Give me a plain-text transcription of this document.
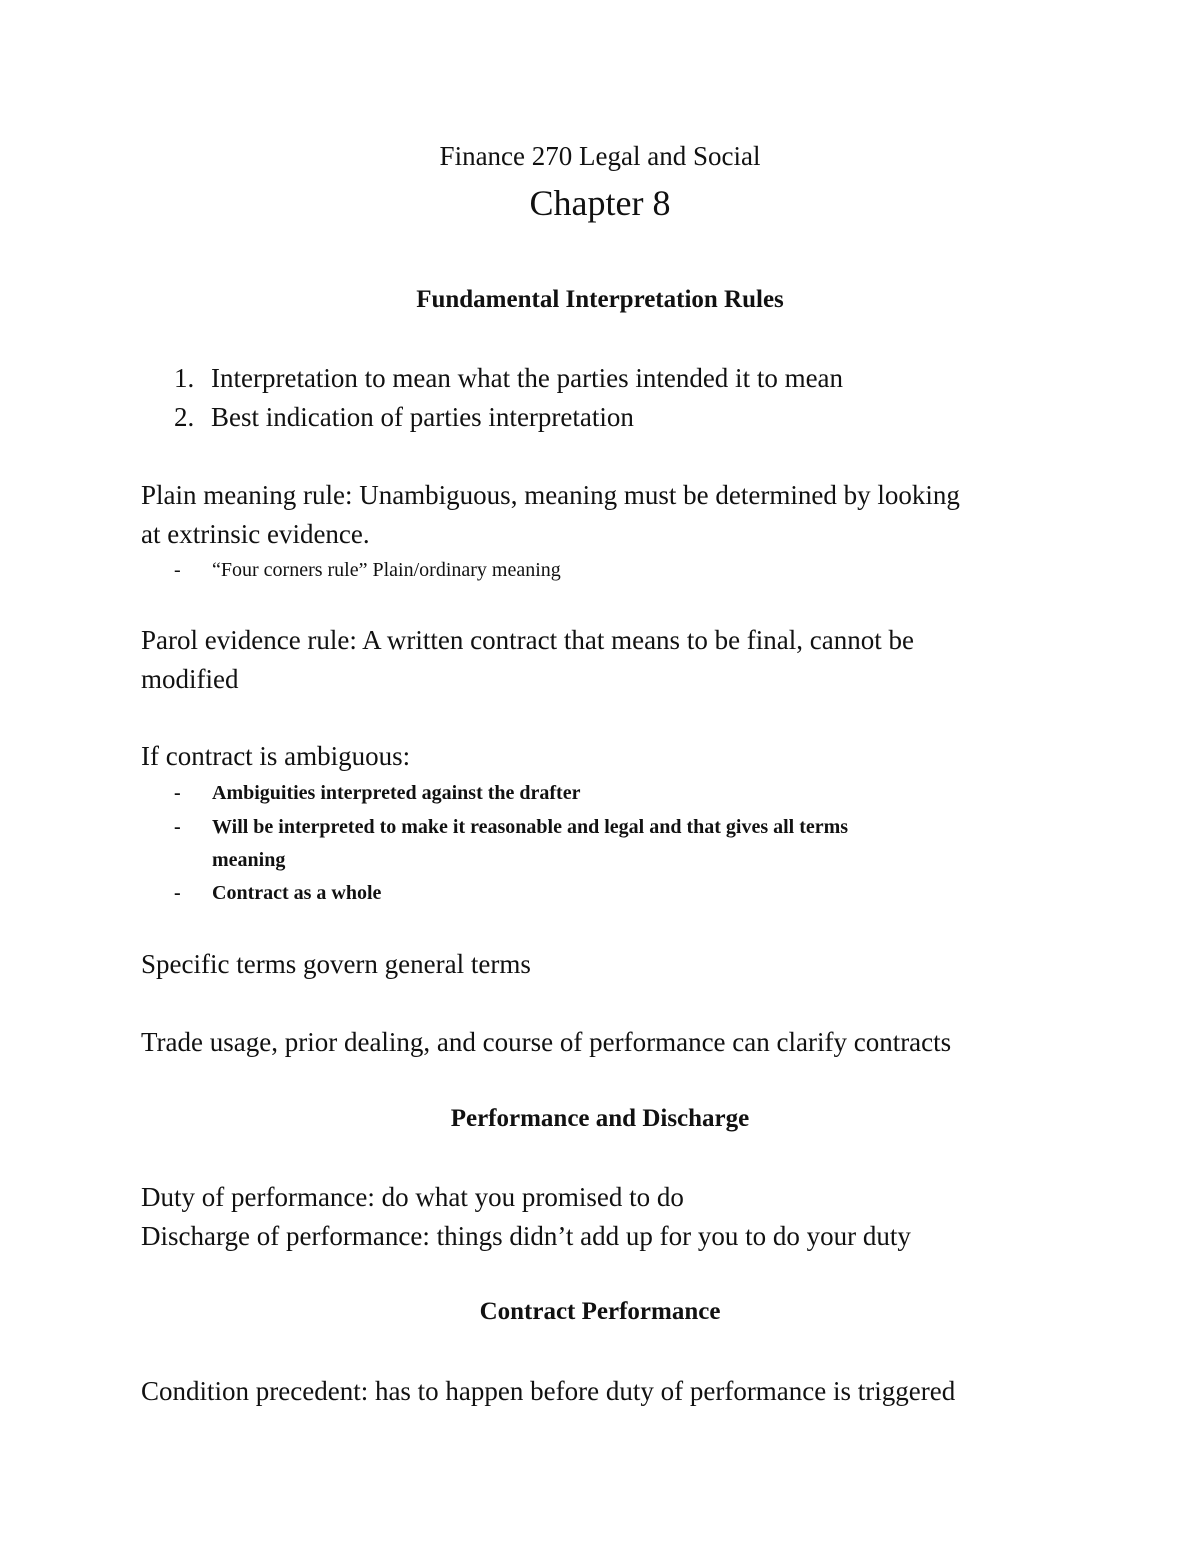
Finance 270 Legal and Social
Chapter 8
Fundamental Interpretation Rules
1. Interpretation to mean what the parties intended it to mean
2. Best indication of parties interpretation
Plain meaning rule: Unambiguous, meaning must be determined by looking
at extrinsic evidence.
- “Four corners rule” Plain/ordinary meaning
Parol evidence rule: A written contract that means to be final, cannot be
modified
If contract is ambiguous:
- Ambiguities interpreted against the drafter
- Will be interpreted to make it reasonable and legal and that gives all terms
meaning
- Contract as a whole
Specific terms govern general terms
Trade usage, prior dealing, and course of performance can clarify contracts
Performance and Discharge
Duty of performance: do what you promised to do
Discharge of performance: things didn’t add up for you to do your duty
Contract Performance
Condition precedent: has to happen before duty of performance is triggered
